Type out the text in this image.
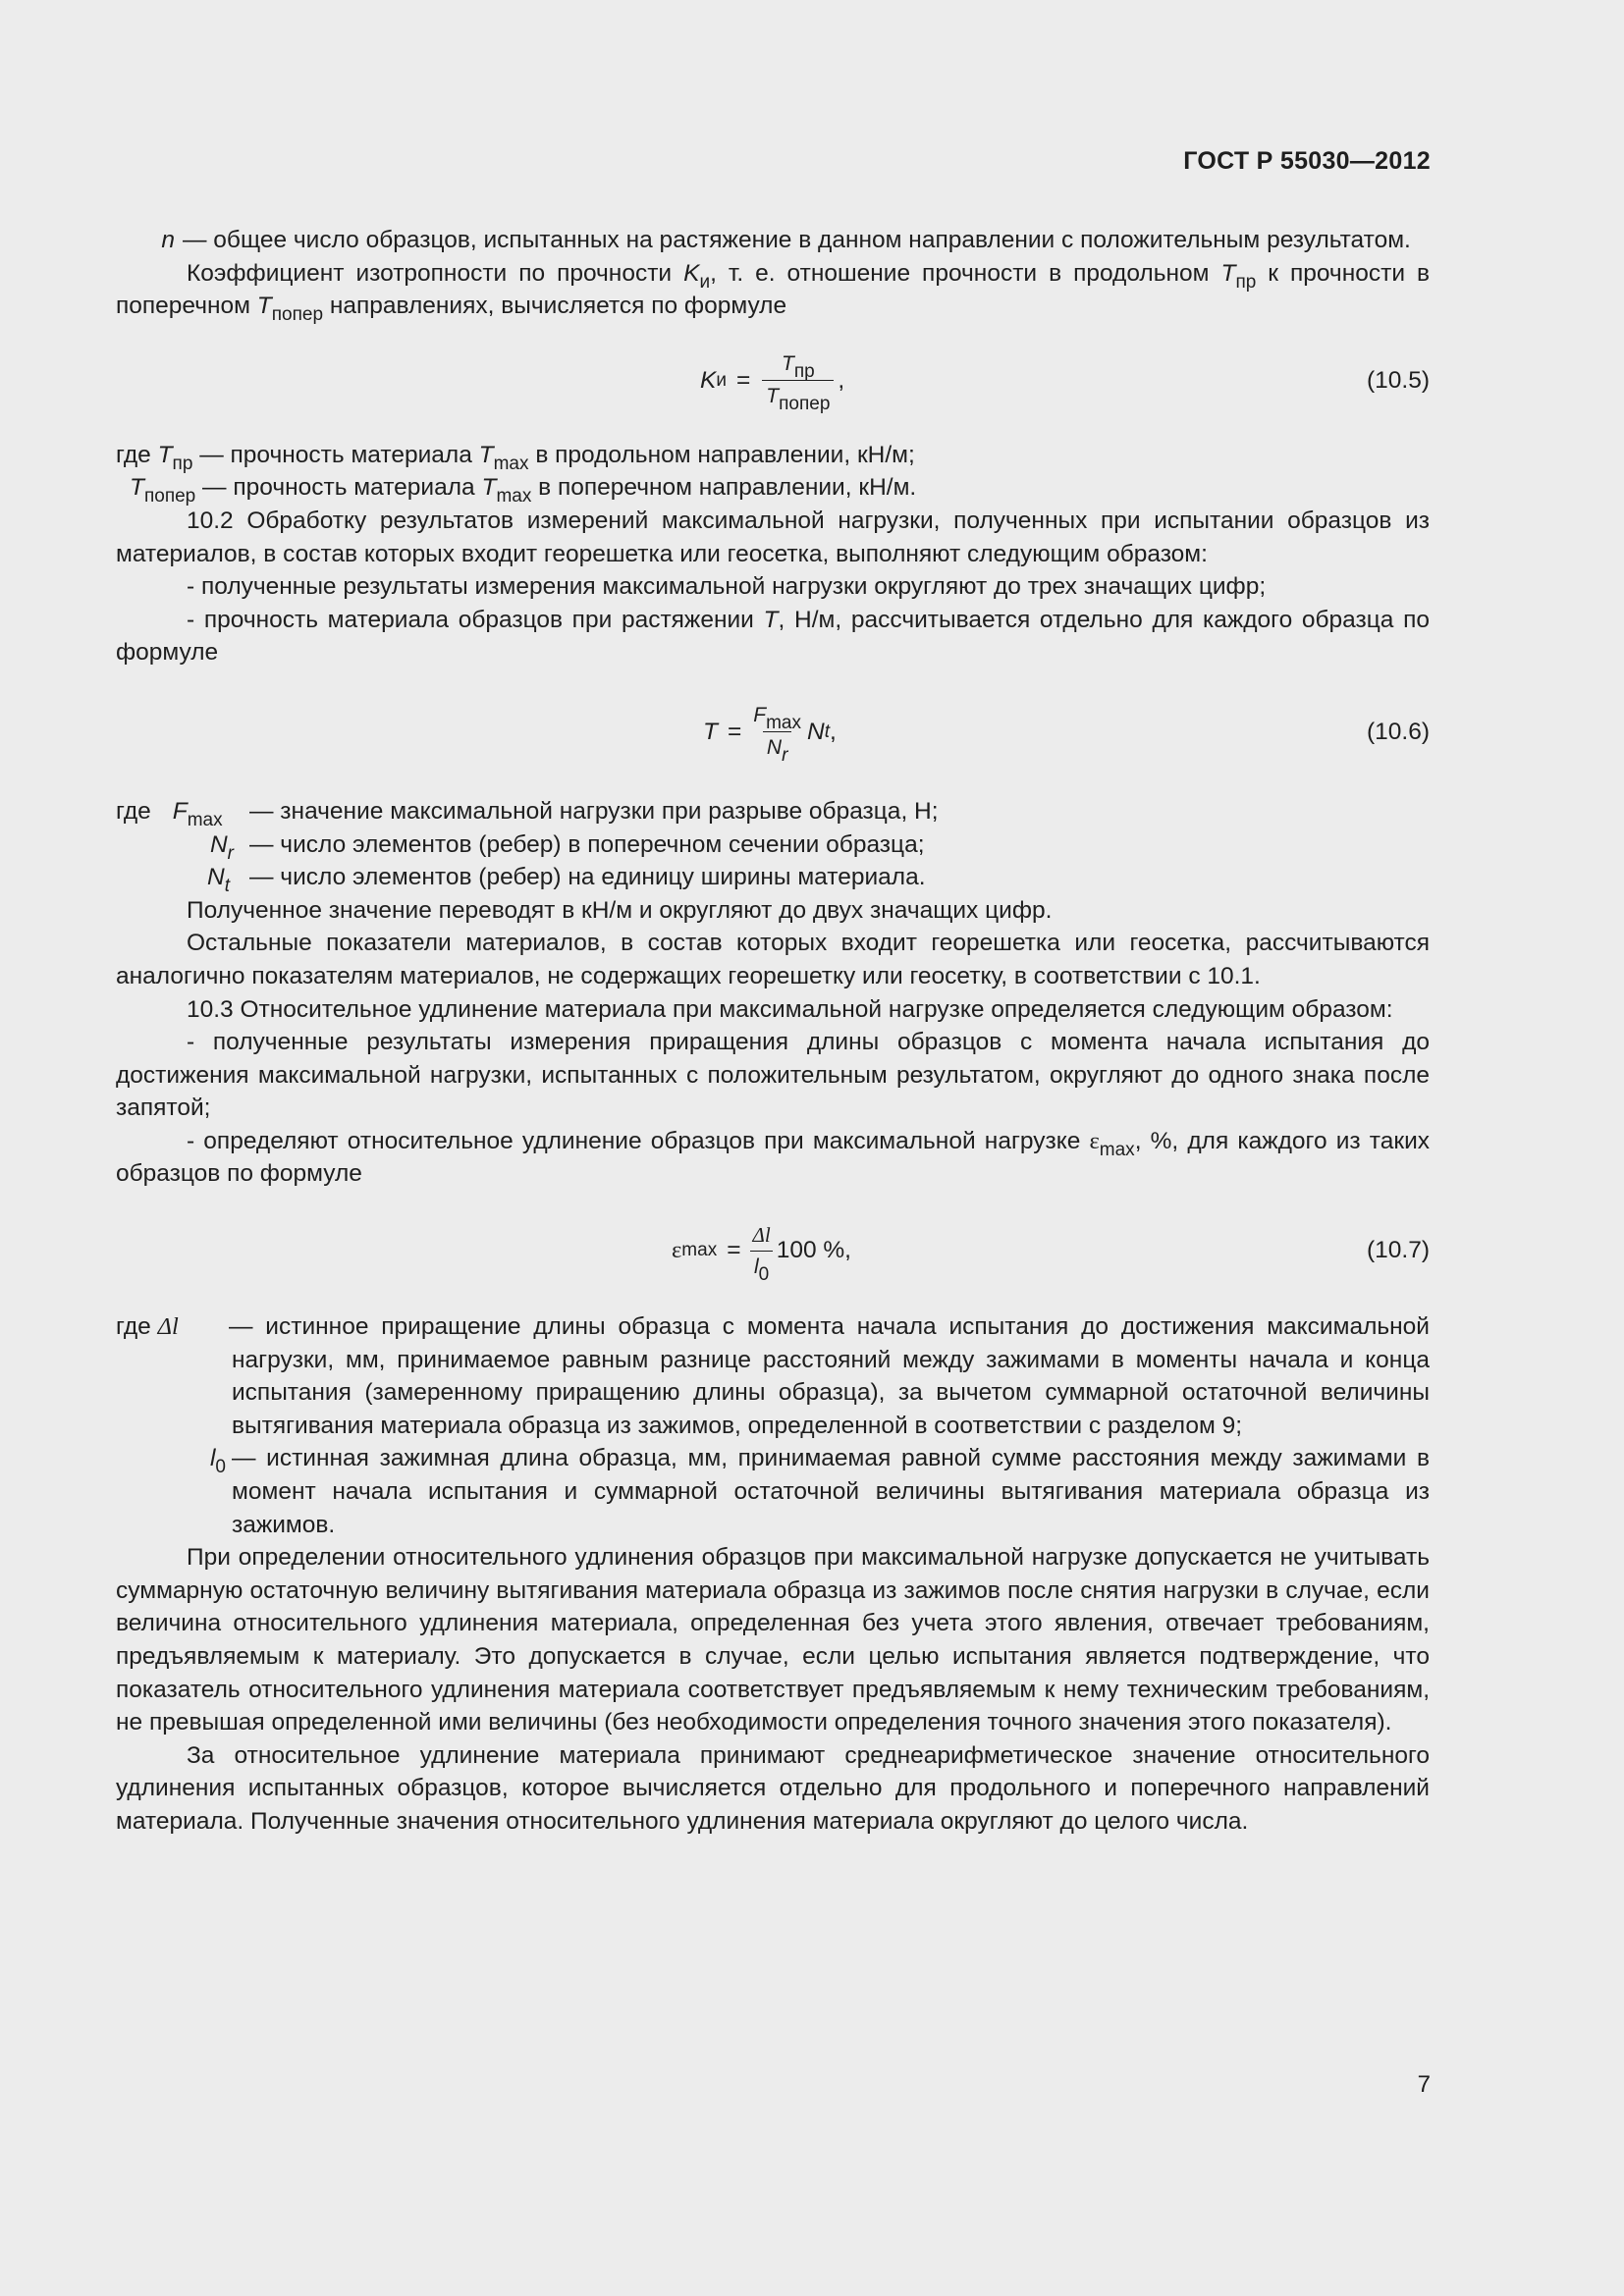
ГОСТ Р 55030—2012
n — общее число образцов, испытанных на растяжение в данном направлении с положительным результатом.

Коэффициент изотропности по прочности $K_и$, т. е. отношение прочности в продольном $T_{пр}$ к прочности в поперечном $T_{попер}$ направлениях, вычисляется по формуле

K $и = \frac{\text{Tпр}}{\text{Tпопер}}$ ,	(10.5)

где $T_{пр}$ — прочность материала $T_{max}$ в продольном направлении, кН/м;

$T_{попер}$ — прочность материала $T_{max}$ в поперечном направлении, кН/м.

10.2 Обработку результатов измерений максимальной нагрузки, полученных при испытании образцов из материалов, в состав которых входит георешетка или геосетка, выполняют следующим образом:

- полученные результаты измерения максимальной нагрузки округляют до трех значащих цифр;

- прочность материала образцов при растяжении T, Н/м, рассчитывается отдельно для каждого образца по формуле

$T = \frac{Fmax}{Nr}$ N t ,	(10.6)
где $F_{max}$	— значение максимальной нагрузки при разрыве образца, Н;
$N_r$ — число элементов (ребер) в поперечном сечении образца;
$N_t$ — число элементов (ребер) на единицу ширины материала.

Полученное значение переводят в кН/м и округляют до двух значащих цифр.

Остальные показатели материалов, в состав которых входит георешетка или геосетка, рассчитываются аналогично показателям материалов, не содержащих георешетку или геосетку, в соответствии с 10.1.

10.3 Относительное удлинение материала при максимальной нагрузке определяется следующим образом:

- полученные результаты измерения приращения длины образцов с момента начала испытания до достижения максимальной нагрузки, испытанных с положительным результатом, округляют до одного знака после запятой;

- определяют относительное удлинение образцов при максимальной нагрузке $\varepsilon_{max}$, %, для каждого из таких образцов по формуле

ε $\max = \frac{\Delta l}{l0} 100$ % ,	(10.7)
где Δl	— истинное приращение длины образца с момента начала испытания до достижения максимальной нагрузки, мм, принимаемое равным разнице расстояний между зажимами в моменты начала и конца испытания (замеренному приращению длины образца), за вычетом суммарной остаточной величины вытягивания материала образца из зажимов, определенной в соответствии с разделом 9;
$l_0$ — истинная зажимная длина образца, мм, принимаемая равной сумме расстояния между зажимами в момент начала испытания и суммарной остаточной величины вытягивания материала образца из зажимов.

При определении относительного удлинения образцов при максимальной нагрузке допускается не учитывать суммарную остаточную величину вытягивания материала образца из зажимов после снятия нагрузки в случае, если величина относительного удлинения материала, определенная без учета этого явления, отвечает требованиям, предъявляемым к материалу. Это допускается в случае, если целью испытания является подтверждение, что показатель относительного удлинения материала соответствует предъявляемым к нему техническим требованиям, не превышая определенной ими величины (без необходимости определения точного значения этого показателя).

За относительное удлинение материала принимают среднеарифметическое значение относительного удлинения испытанных образцов, которое вычисляется отдельно для продольного и поперечного направлений материала. Полученные значения относительного удлинения материала округляют до целого числа.

7
